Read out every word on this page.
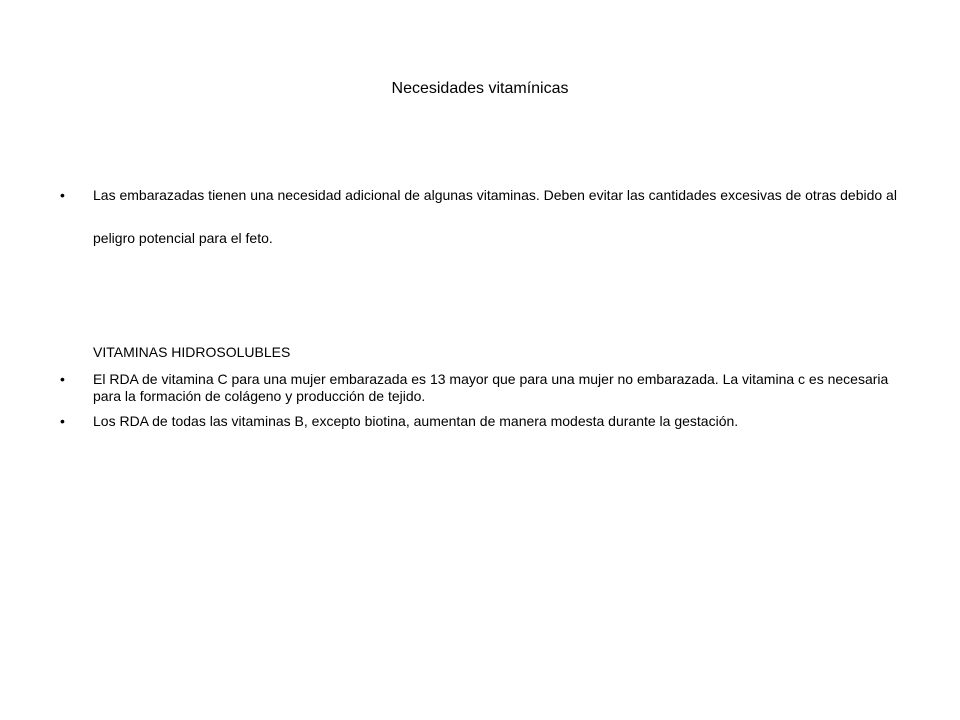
Necesidades vitamínicas
•	Las embarazadas tienen una necesidad adicional de algunas vitaminas. Deben evitar las cantidades excesivas de otras debido al peligro potencial para el feto.
VITAMINAS HIDROSOLUBLES
•	El RDA de vitamina C para una mujer embarazada es 13 mayor que para una mujer no embarazada. La vitamina c es necesaria para la formación de colágeno y producción de tejido.
•	Los RDA de todas las vitaminas B, excepto biotina, aumentan de manera modesta durante la gestación.
